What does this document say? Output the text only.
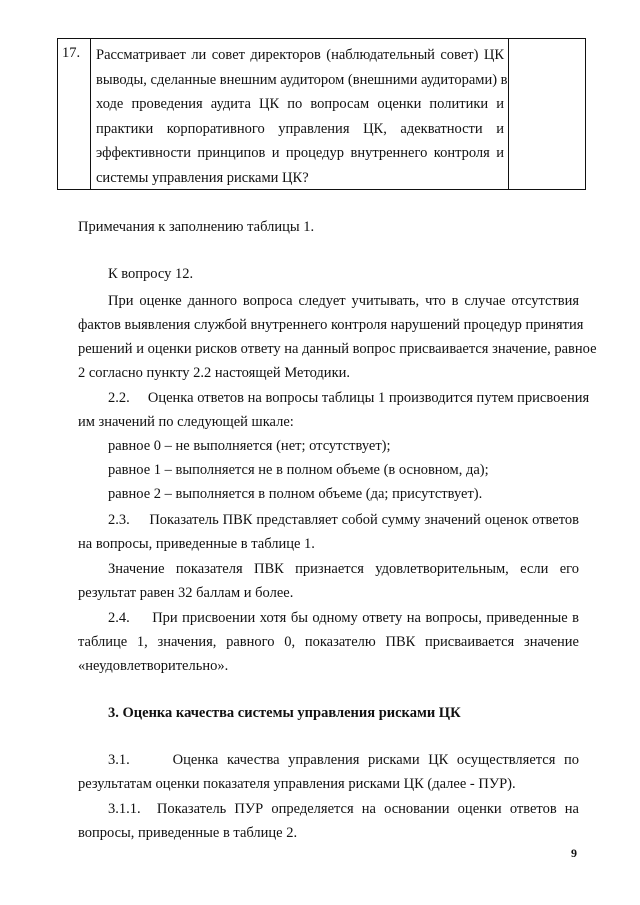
17.	Рассматривает ли совет директоров (наблюдательный совет) ЦК
выводы, сделанные внешним аудитором (внешними аудиторами) в
ходе проведения аудита ЦК по вопросам оценки политики и
практики корпоративного управления ЦК, адекватности и
эффективности принципов и процедур внутреннего контроля и
системы управления рисками ЦК?
Примечания к заполнению таблицы 1.
К вопросу 12.
При оценке данного вопроса следует учитывать, что в случае отсутствия
фактов выявления службой внутреннего контроля нарушений процедур принятия
решений и оценки рисков ответу на данный вопрос присваивается значение, равное
2 согласно пункту 2.2 настоящей Методики.
2.2.     Оценка ответов на вопросы таблицы 1 производится путем присвоения
им значений по следующей шкале:
равное 0 – не выполняется (нет; отсутствует);
равное 1 – выполняется не в полном объеме (в основном, да);
равное 2 – выполняется в полном объеме (да; присутствует).
2.3.     Показатель ПВК представляет собой сумму значений оценок ответов
на вопросы, приведенные в таблице 1.
Значение показателя ПВК признается удовлетворительным, если его
результат равен 32 баллам и более.
2.4.     При присвоении хотя бы одному ответу на вопросы, приведенные в
таблице 1, значения, равного 0, показателю ПВК присваивается значение
«неудовлетворительно».
3. Оценка качества системы управления рисками ЦК
3.1.     Оценка качества управления рисками ЦК осуществляется по
результатам оценки показателя управления рисками ЦК (далее - ПУР).
3.1.1.  Показатель ПУР определяется на основании оценки ответов на
вопросы, приведенные в таблице 2.
9
